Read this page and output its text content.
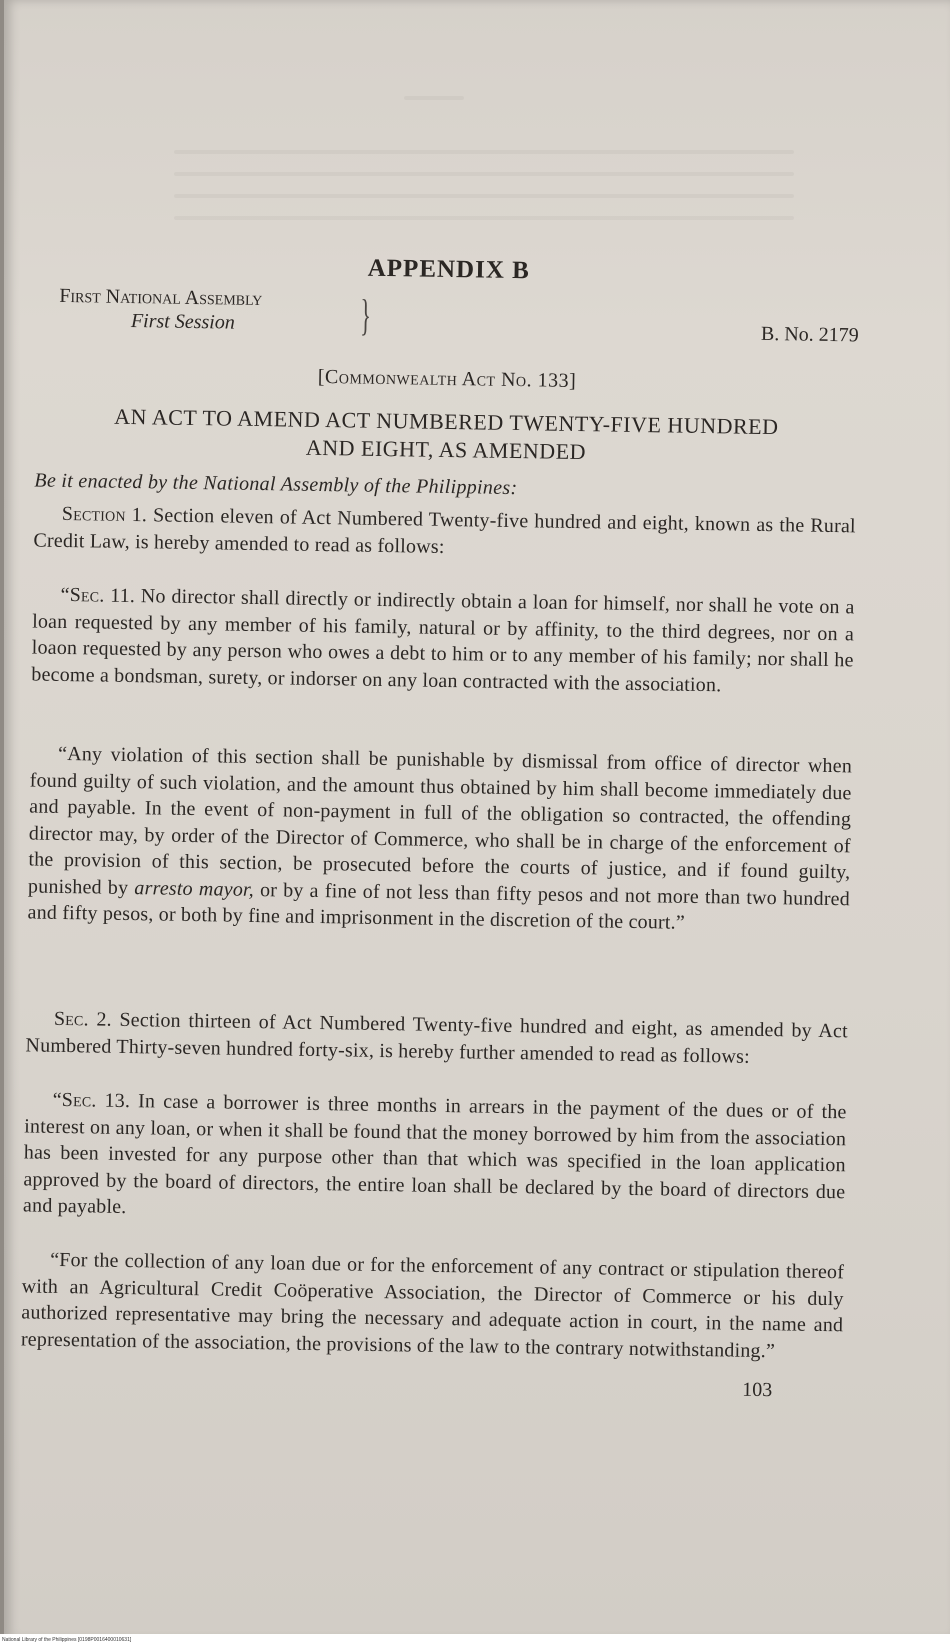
APPENDIX B
First National Assembly
First Session	}	B. No. 2179
[Commonwealth Act No. 133]
AN ACT TO AMEND ACT NUMBERED TWENTY-FIVE HUNDRED
AND EIGHT, AS AMENDED
Be it enacted by the National Assembly of the Philippines:
Section 1. Section eleven of Act Numbered Twenty-five hundred and eight, known as the Rural Credit Law, is hereby amended to read as follows:
“Sec. 11. No director shall directly or indirectly obtain a loan for himself, nor shall he vote on a loan requested by any member of his family, natural or by affinity, to the third degrees, nor on a loaon requested by any person who owes a debt to him or to any member of his family; nor shall he become a bondsman, surety, or indorser on any loan contracted with the association.
“Any violation of this section shall be punishable by dismissal from office of director when found guilty of such violation, and the amount thus obtained by him shall become immediately due and payable. In the event of non-payment in full of the obligation so contracted, the offending director may, by order of the Director of Commerce, who shall be in charge of the enforcement of the provision of this section, be prosecuted before the courts of justice, and if found guilty, punished by arresto mayor, or by a fine of not less than fifty pesos and not more than two hundred and fifty pesos, or both by fine and imprisonment in the discretion of the court.”
Sec. 2. Section thirteen of Act Numbered Twenty-five hundred and eight, as amended by Act Numbered Thirty-seven hundred forty-six, is hereby further amended to read as follows:
“Sec. 13. In case a borrower is three months in arrears in the payment of the dues or of the interest on any loan, or when it shall be found that the money borrowed by him from the association has been invested for any purpose other than that which was specified in the loan application approved by the board of directors, the entire loan shall be declared by the board of directors due and payable.
“For the collection of any loan due or for the enforcement of any contract or stipulation thereof with an Agricultural Credit Coöperative Association, the Director of Commerce or his duly authorized representative may bring the necessary and adequate action in court, in the name and representation of the association, the provisions of the law to the contrary notwithstanding.”
103
National Library of the Philippines [0198P0016400010631]
